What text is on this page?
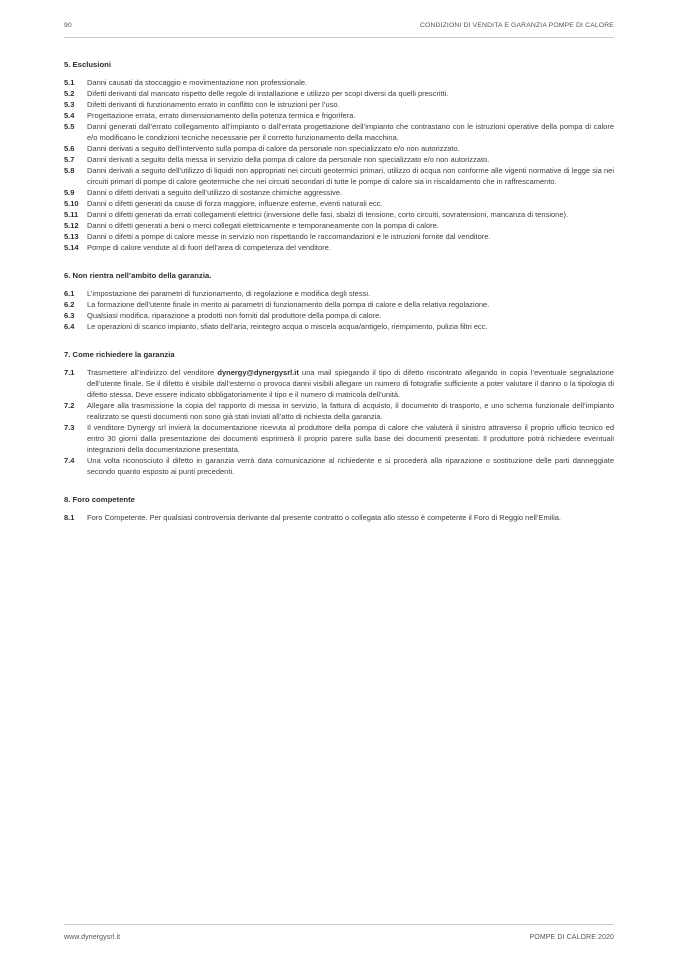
90	CONDIZIONI DI VENDITA E GARANZIA POMPE DI CALORE
5. Esclusioni
5.1	Danni causati da stoccaggio e movimentazione non professionale.
5.2	Difetti derivanti dal mancato rispetto delle regole di installazione e utilizzo per scopi diversi da quelli prescritti.
5.3	Difetti derivanti di funzionamento errato in conflitto con le istruzioni per l’uso.
5.4	Progettazione errata, errato dimensionamento della potenza termica e frigorifera.
5.5	Danni generati dall’errato collegamento all’impianto o dall’errata progettazione dell’impianto che contrastano con le istruzioni operative della pompa di calore e/o modificano le condizioni tecniche necessarie per il corretto funzionamento della macchina.
5.6	Danni derivati a seguito dell’intervento sulla pompa di calore da personale non specializzato e/o non autorizzato.
5.7	Danni derivati a seguito della messa in servizio della pompa di calore da personale non specializzato e/o non autorizzato.
5.8	Danni derivati a seguito dell’utilizzo di liquidi non appropriati nei circuiti geotermici primari, utilizzo di acqua non conforme alle vigenti normative di legge sia nei circuiti primari di pompe di calore geotermiche che nei circuiti secondari di tutte le pompe di calore sia in riscaldamento che in raffrescamento.
5.9	Danni o difetti derivati a seguito dell’utilizzo di sostanze chimiche aggressive.
5.10	Danni o difetti generati da cause di forza maggiore, influenze esterne, eventi naturali ecc.
5.11	Danni o difetti generati da errati collegamenti elettrici (inversione delle fasi, sbalzi di tensione, corto circuiti, sovratensioni, mancanza di tensione).
5.12	Danni o difetti generati a beni o merci collegati elettricamente e temporaneamente con la pompa di calore.
5.13	Danni o difetti a pompe di calore messe in servizio non rispettando le raccomandazioni e le istruzioni fornite dal venditore.
5.14	Pompe di calore vendute al di fuori dell’area di competenza del venditore.
6. Non rientra nell’ambito della garanzia.
6.1	L’impostazione dei parametri di funzionamento, di regolazione e modifica degli stessi.
6.2	La formazione dell’utente finale in merito ai parametri di funzionamento della pompa di calore e della relativa regolazione.
6.3	Qualsiasi modifica, riparazione a prodotti non forniti dal produttore della pompa di calore.
6.4	Le operazioni di scarico impianto, sfiato dell’aria, reintegro acqua o miscela acqua/antigelo, riempimento, pulizia filtri ecc.
7. Come richiedere la garanzia
7.1	Trasmettere all’indirizzo del venditore dynergy@dynergysrl.it una mail spiegando il tipo di difetto riscontrato allegando in copia l’eventuale segnalazione dell’utente finale. Se il difetto è visibile dall’esterno o provoca danni visibili allegare un numero di fotografie sufficiente a poter valutare il danno o la tipologia di difetto stessa. Deve essere indicato obbligatoriamente il tipo e il numero di matricola dell’unità.
7.2	Allegare alla trasmissione la copia del rapporto di messa in servizio, la fattura di acquisto, il documento di trasporto, e uno schema funzionale dell’impianto realizzato se questi documenti non sono già stati inviati all’atto di richiesta della garanzia.
7.3	Il venditore Dynergy srl invierà la documentazione ricevuta al produttore della pompa di calore che valuterà il sinistro attraverso il proprio ufficio tecnico ed entro 30 giorni dalla presentazione dei documenti esprimerà il proprio parere sulla base dei documenti presentati. Il produttore potrà richiedere eventuali integrazioni della documentazione presentata.
7.4	Una volta riconosciuto il difetto in garanzia verrà data comunicazione al richiedente e si procederà alla riparazione o sostituzione delle parti danneggiate secondo quanto esposto ai punti precedenti.
8. Foro competente
8.1	Foro Competente. Per qualsiasi controversia derivante dal presente contratto o collegata allo stesso è competente il Foro di Reggio nell’Emilia.
www.dynergysrl.it	POMPE DI CALORE 2020
